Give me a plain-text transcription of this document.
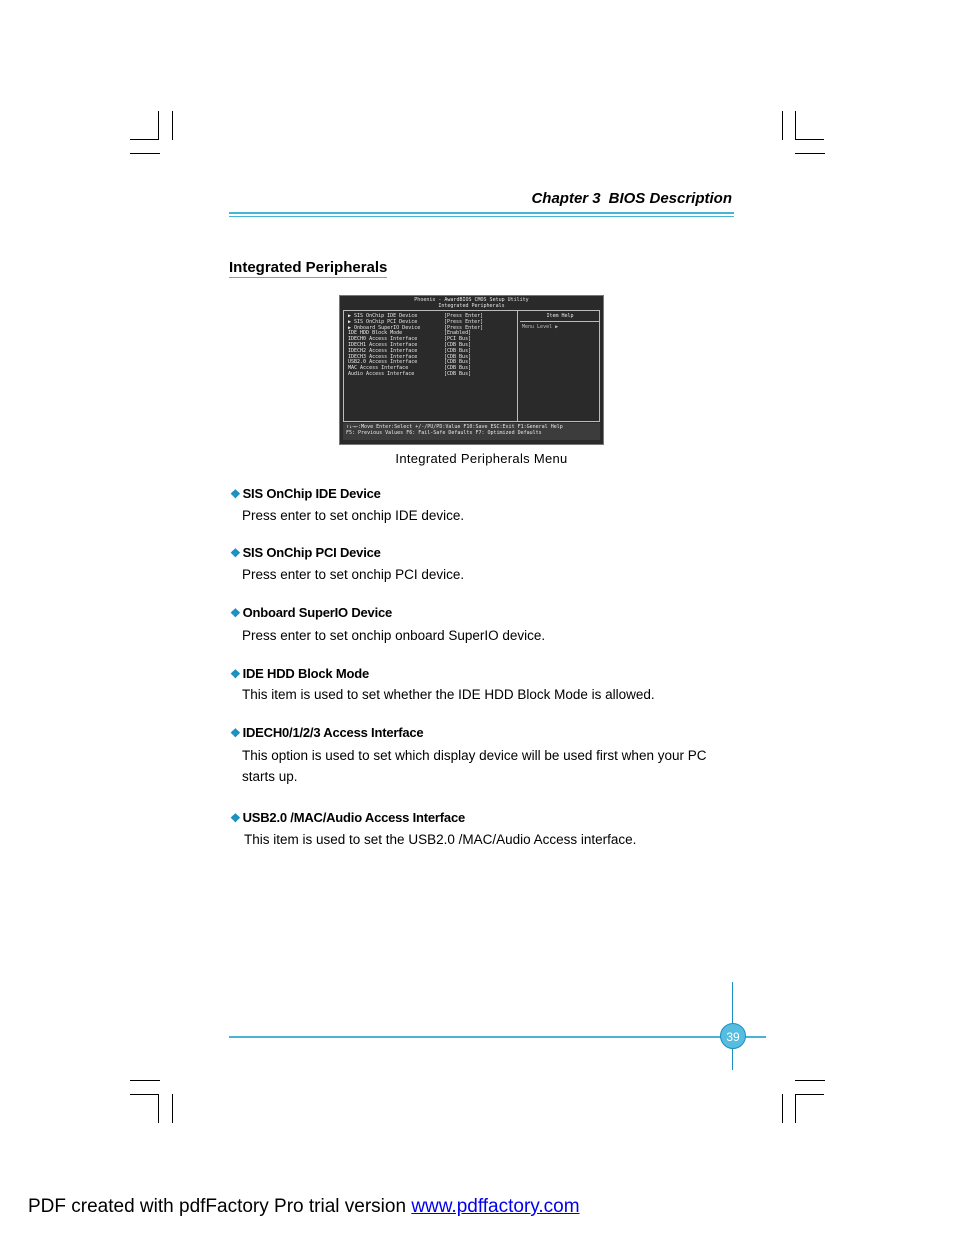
Chapter 3 BIOS Description
Integrated Peripherals
Phoenix - AwardBIOS CMOS Setup Utility
Integrated Peripherals
▶ SIS OnChip IDE Device	[Press Enter]
▶ SIS OnChip PCI Device	[Press Enter]
▶ Onboard SuperIO Device	[Press Enter]
IDE HDD Block Mode	[Enabled]
IDECH0 Access Interface	[PCI Bus]
IDECH1 Access Interface	[CDB Bus]
IDECH2 Access Interface	[CDB Bus]
IDECH3 Access Interface	[CDB Bus]
USB2.0 Access Interface	[CDB Bus]
MAC Access Interface	[CDB Bus]
Audio Access Interface	[CDB Bus]
Item Help
Menu Level ▶
↑↓→←:Move Enter:Select +/-/PU/PD:Value F10:Save ESC:Exit F1:General Help
F5: Previous Values F6: Fail-Safe Defaults F7: Optimized Defaults
Integrated Peripherals Menu
❖ SIS OnChip IDE Device
Press enter to set onchip IDE device.
❖ SIS OnChip PCI Device
Press enter to set onchip PCI device.
❖ Onboard SuperIO Device
Press enter to set onchip onboard SuperIO device.
❖ IDE HDD Block Mode
This item is used to set whether the IDE HDD Block Mode is allowed.
❖ IDECH0/1/2/3 Access Interface
This option is used to set which display device will be used first when your PC starts up.
❖ USB2.0 /MAC/Audio Access Interface
This item is used to set the USB2.0 /MAC/Audio Access interface.
39
PDF created with pdfFactory Pro trial version www.pdffactory.com
